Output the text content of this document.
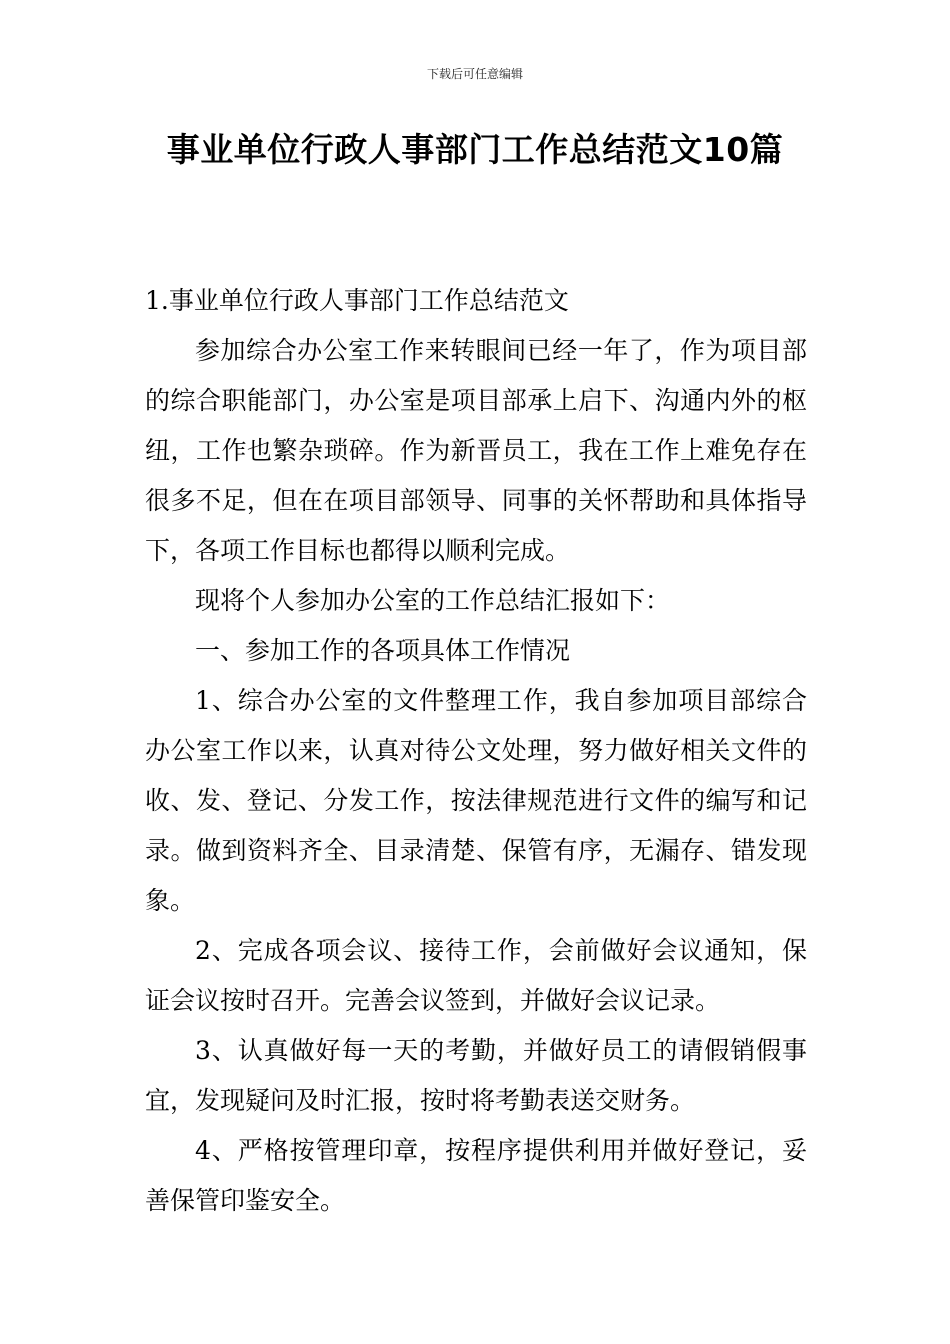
下载后可任意编辑
事业单位行政人事部门工作总结范文10篇
1.事业单位行政人事部门工作总结范文

参加综合办公室工作来转眼间已经一年了，作为项目部的综合职能部门，办公室是项目部承上启下、沟通内外的枢纽，工作也繁杂琐碎。作为新晋员工，我在工作上难免存在很多不足，但在在项目部领导、同事的关怀帮助和具体指导下，各项工作目标也都得以顺利完成。

现将个人参加办公室的工作总结汇报如下：

一、参加工作的各项具体工作情况

1、综合办公室的文件整理工作，我自参加项目部综合办公室工作以来，认真对待公文处理，努力做好相关文件的收、发、登记、分发工作，按法律规范进行文件的编写和记录。做到资料齐全、目录清楚、保管有序，无漏存、错发现象。

2、完成各项会议、接待工作，会前做好会议通知，保证会议按时召开。完善会议签到，并做好会议记录。

3、认真做好每一天的考勤，并做好员工的请假销假事宜，发现疑问及时汇报，按时将考勤表送交财务。

4、严格按管理印章，按程序提供利用并做好登记，妥善保管印鉴安全。
